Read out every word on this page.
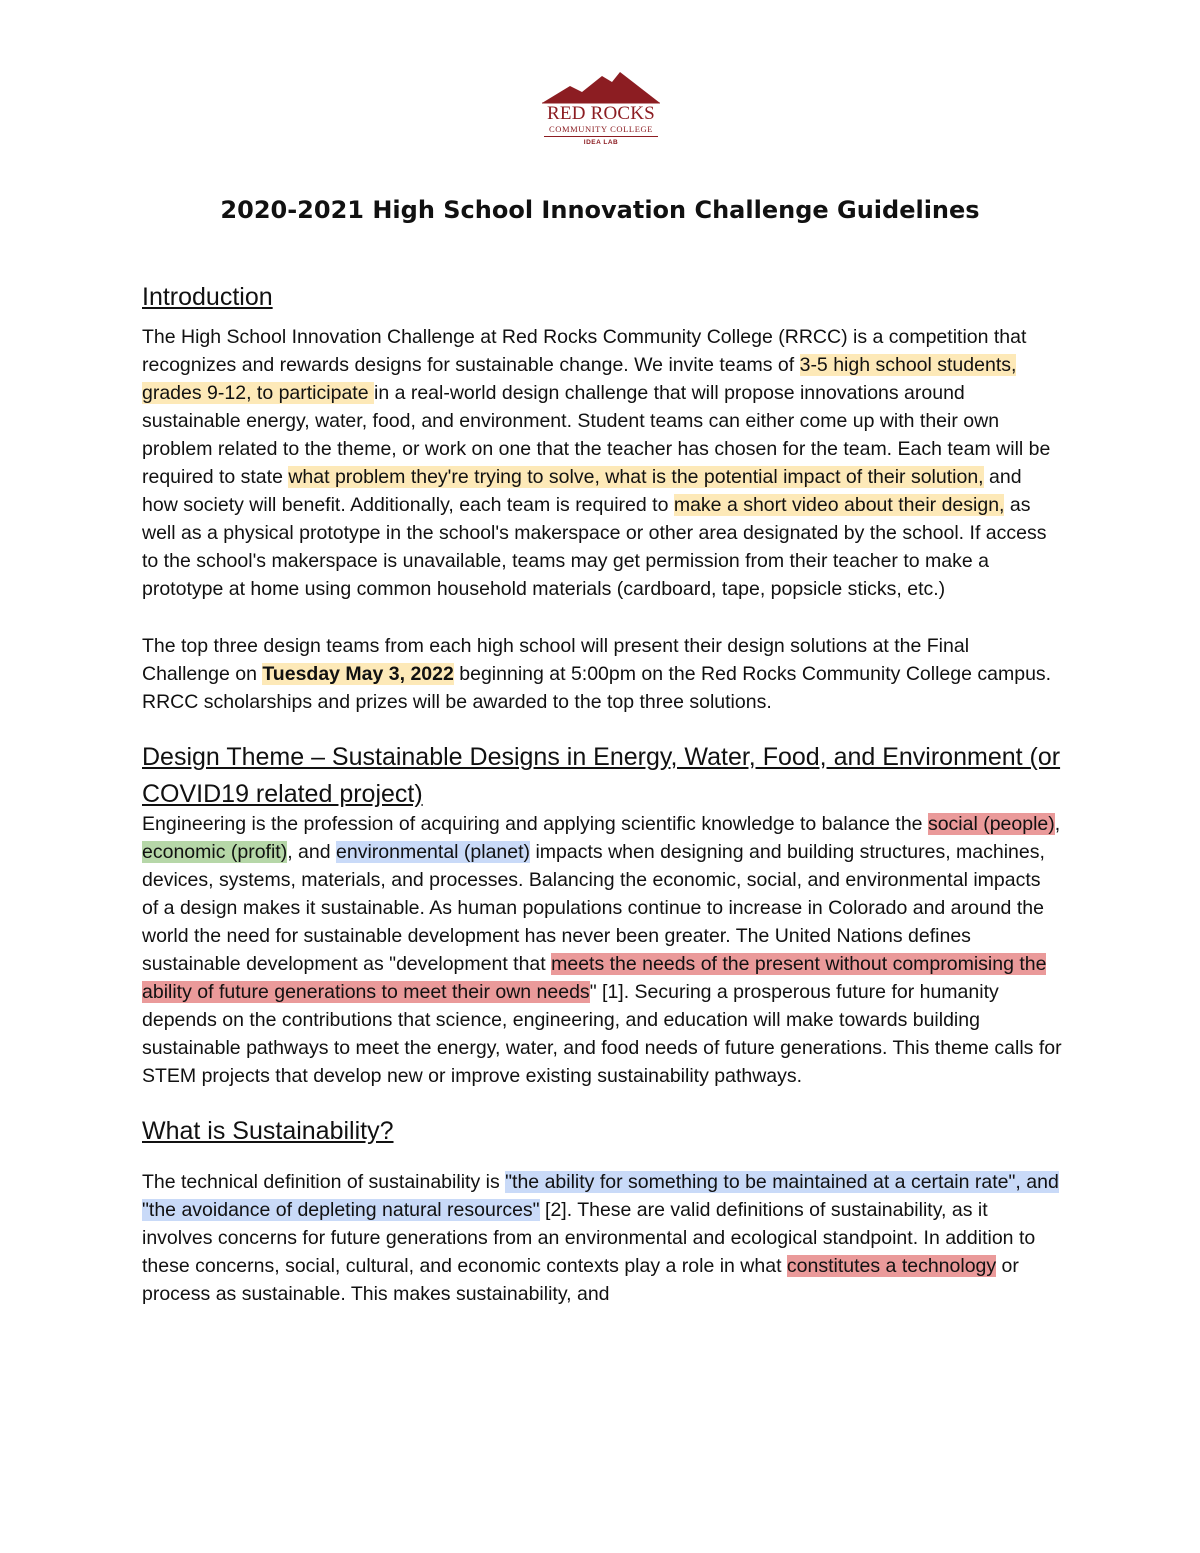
RED ROCKS
COMMUNITY COLLEGE
IDEA LAB
2020-2021 High School Innovation Challenge Guidelines
Introduction

The High School Innovation Challenge at Red Rocks Community College (RRCC) is a competition that recognizes and rewards designs for sustainable change. We invite teams of 3-5 high school students, grades 9-12, to participate in a real-world design challenge that will propose innovations around sustainable energy, water, food, and environment. Student teams can either come up with their own problem related to the theme, or work on one that the teacher has chosen for the team. Each team will be required to state what problem they're trying to solve, what is the potential impact of their solution, and how society will benefit. Additionally, each team is required to make a short video about their design, as well as a physical prototype in the school's makerspace or other area designated by the school. If access to the school's makerspace is unavailable, teams may get permission from their teacher to make a prototype at home using common household materials (cardboard, tape, popsicle sticks, etc.)

The top three design teams from each high school will present their design solutions at the Final Challenge on Tuesday May 3, 2022 beginning at 5:00pm on the Red Rocks Community College campus. RRCC scholarships and prizes will be awarded to the top three solutions.

Design Theme – Sustainable Designs in Energy, Water, Food, and Environment (or COVID19 related project)

Engineering is the profession of acquiring and applying scientific knowledge to balance the social (people), economic (profit), and environmental (planet) impacts when designing and building structures, machines, devices, systems, materials, and processes. Balancing the economic, social, and environmental impacts of a design makes it sustainable. As human populations continue to increase in Colorado and around the world the need for sustainable development has never been greater. The United Nations defines sustainable development as "development that meets the needs of the present without compromising the ability of future generations to meet their own needs" [1]. Securing a prosperous future for humanity depends on the contributions that science, engineering, and education will make towards building sustainable pathways to meet the energy, water, and food needs of future generations. This theme calls for STEM projects that develop new or improve existing sustainability pathways.

What is Sustainability?

The technical definition of sustainability is "the ability for something to be maintained at a certain rate", and "the avoidance of depleting natural resources" [2]. These are valid definitions of sustainability, as it involves concerns for future generations from an environmental and ecological standpoint. In addition to these concerns, social, cultural, and economic contexts play a role in what constitutes a technology or process as sustainable. This makes sustainability, and
